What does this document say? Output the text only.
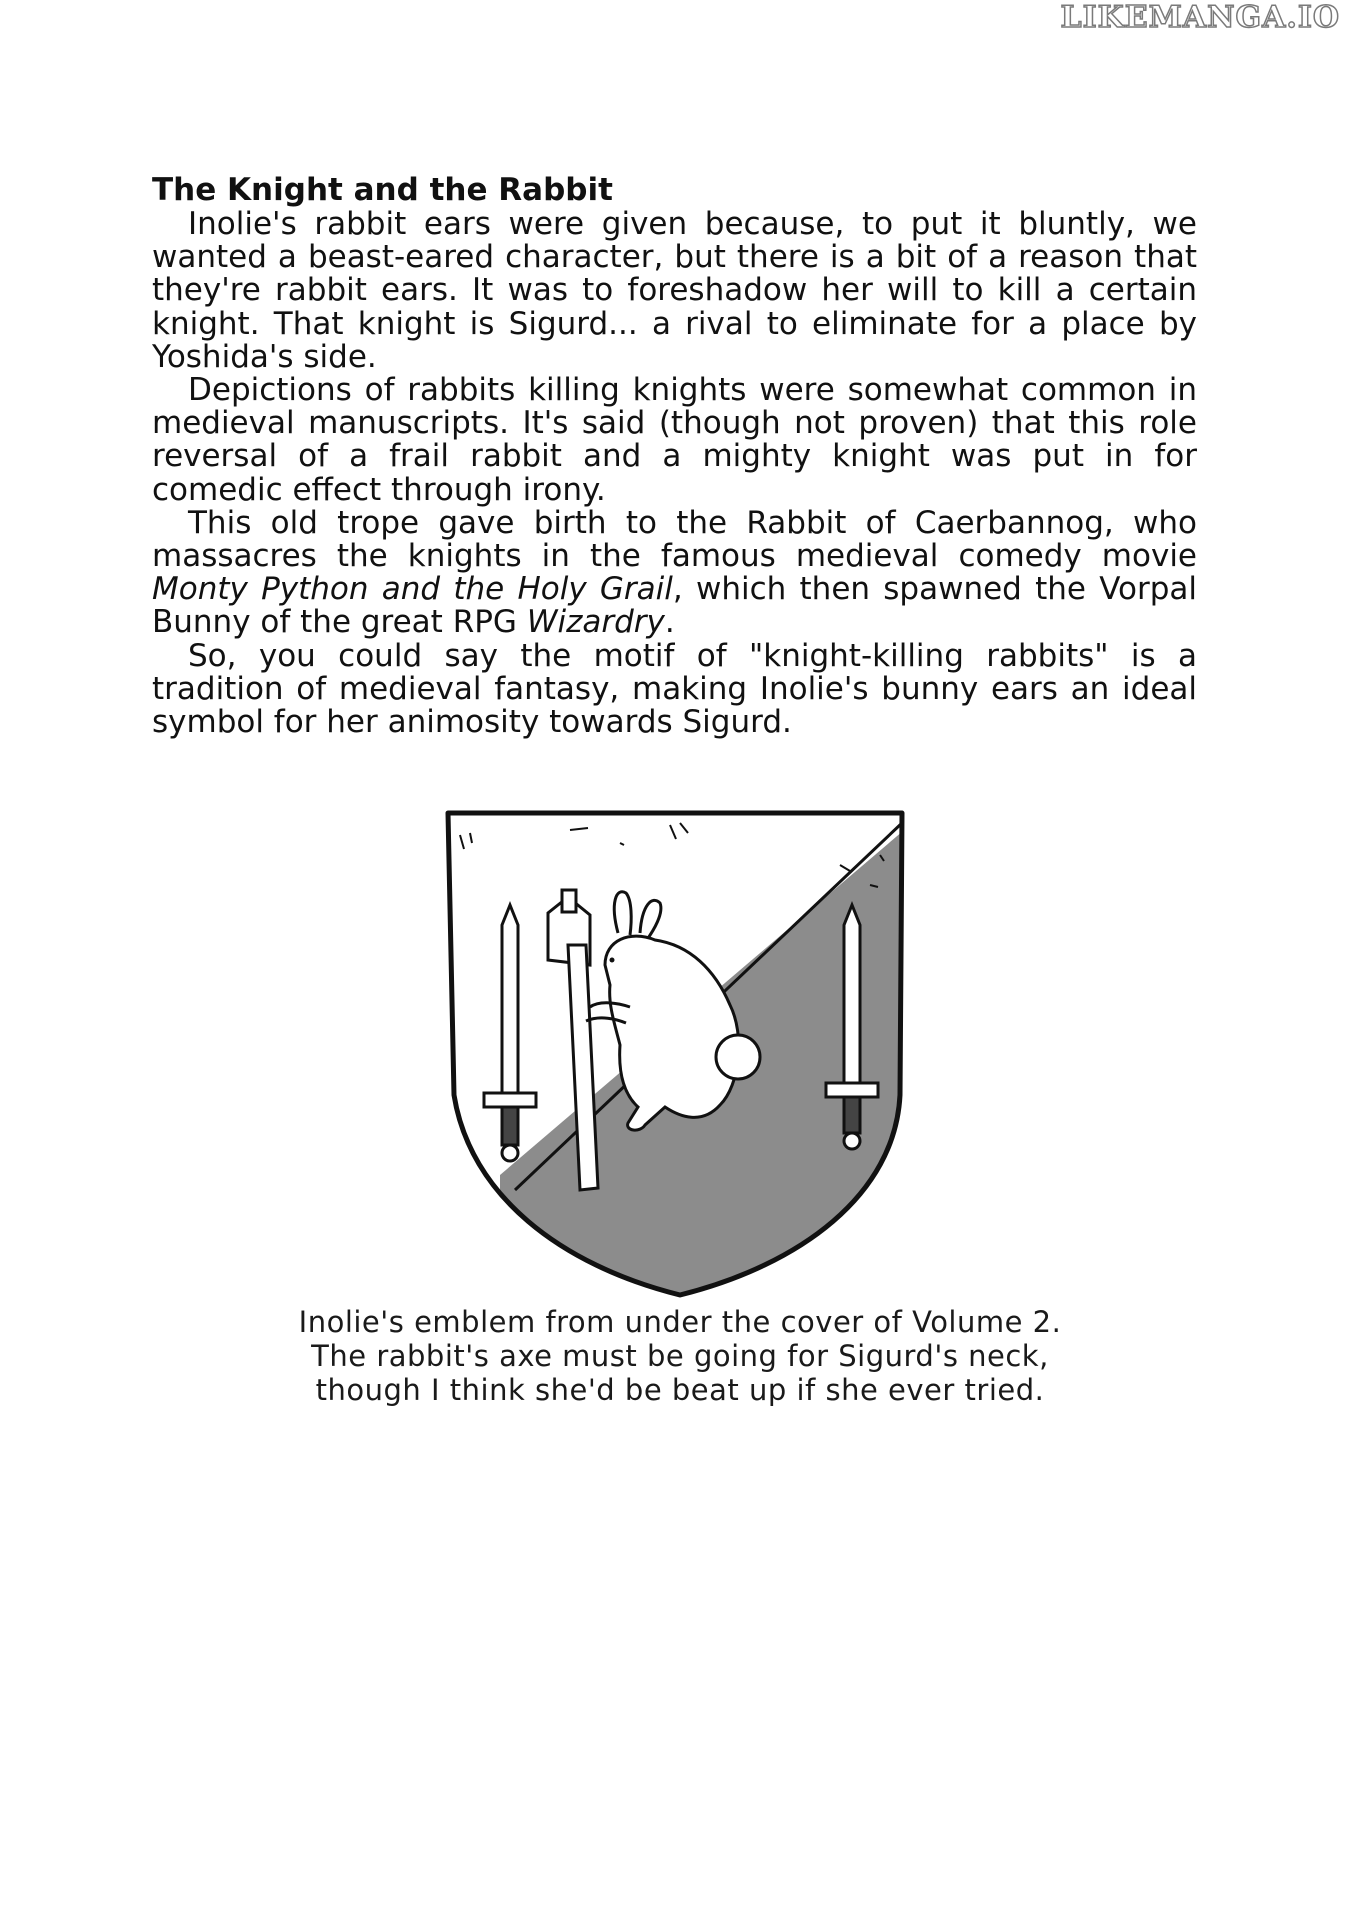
LIKEMANGA.IO

The Knight and the Rabbit

Inolie's rabbit ears were given because, to put it bluntly, we wanted a beast-eared character, but there is a bit of a reason that they're rabbit ears. It was to foreshadow her will to kill a certain knight. That knight is Sigurd... a rival to eliminate for a place by Yoshida's side.

Depictions of rabbits killing knights were somewhat common in medieval manuscripts. It's said (though not proven) that this role reversal of a frail rabbit and a mighty knight was put in for comedic effect through irony.

This old trope gave birth to the Rabbit of Caerbannog, who massacres the knights in the famous medieval comedy movie Monty Python and the Holy Grail, which then spawned the Vorpal Bunny of the great RPG Wizardry.

So, you could say the motif of "knight-killing rabbits" is a tradition of medieval fantasy, making Inolie's bunny ears an ideal symbol for her animosity towards Sigurd.

Inolie's emblem from under the cover of Volume 2.
The rabbit's axe must be going for Sigurd's neck,
though I think she'd be beat up if she ever tried.
